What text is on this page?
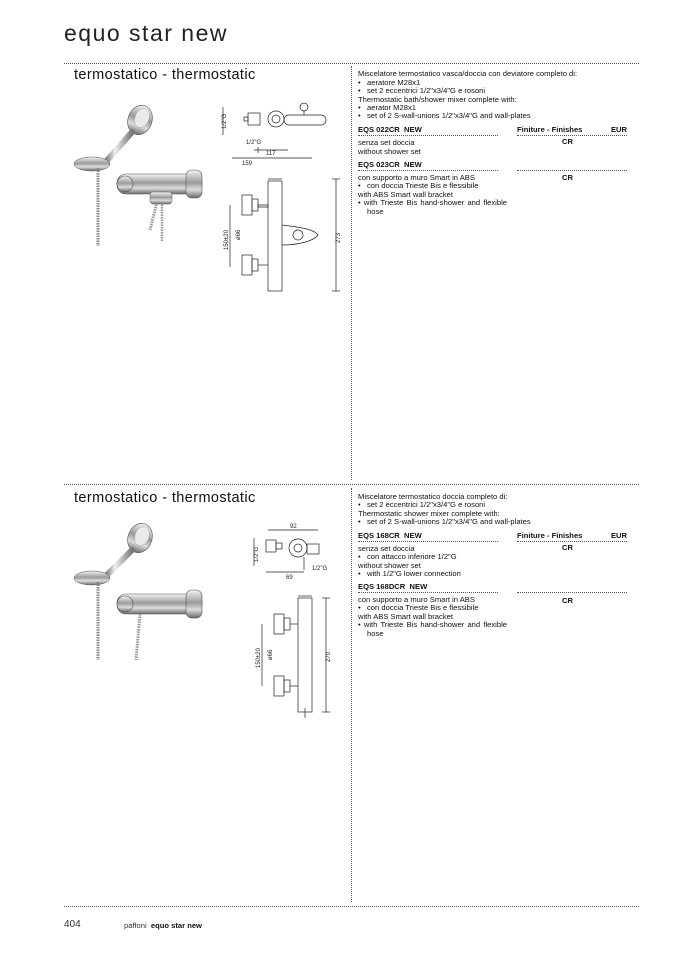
equo star new
termostatico - thermostatic
1/2"G
1/2"G
117
159
273
150±20 ø66
Miscelatore termostatico vasca/doccia con deviatore completo di:
• aeratore M28x1
• set 2 eccentrici 1/2"x3/4"G e rosoni
Thermostatic bath/shower mixer complete with:
• aerator M28x1
• set of 2 S-wall-unions 1/2"x3/4"G and wall-plates
EQS 022CR NEW	Finiture - Finishes	EUR
CR
senza set doccia
without shower set
EQS 023CR NEW
CR
con supporto a muro Smart in ABS
• con doccia Trieste Bis e flessibile
with ABS Smart wall bracket
• with Trieste Bis hand-shower and flexible hose
termostatico - thermostatic
92
69
1/2"G
1/2"G
270
150±20 ø66
Miscelatore termostatico doccia completo di:
• set 2 eccentrici 1/2"x3/4"G e rosoni
Thermostatic shower mixer complete with:
• set of 2 S-wall-unions 1/2"x3/4"G and wall-plates
EQS 168CR NEW	Finiture - Finishes	EUR
CR
senza set doccia
• con attacco inferiore 1/2"G
without shower set
• with 1/2"G lower connection
EQS 168DCR NEW
CR
con supporto a muro Smart in ABS
• con doccia Trieste Bis e flessibile
with ABS Smart wall bracket
• with Trieste Bis hand-shower and flexible hose
404	paffoni equo star new
